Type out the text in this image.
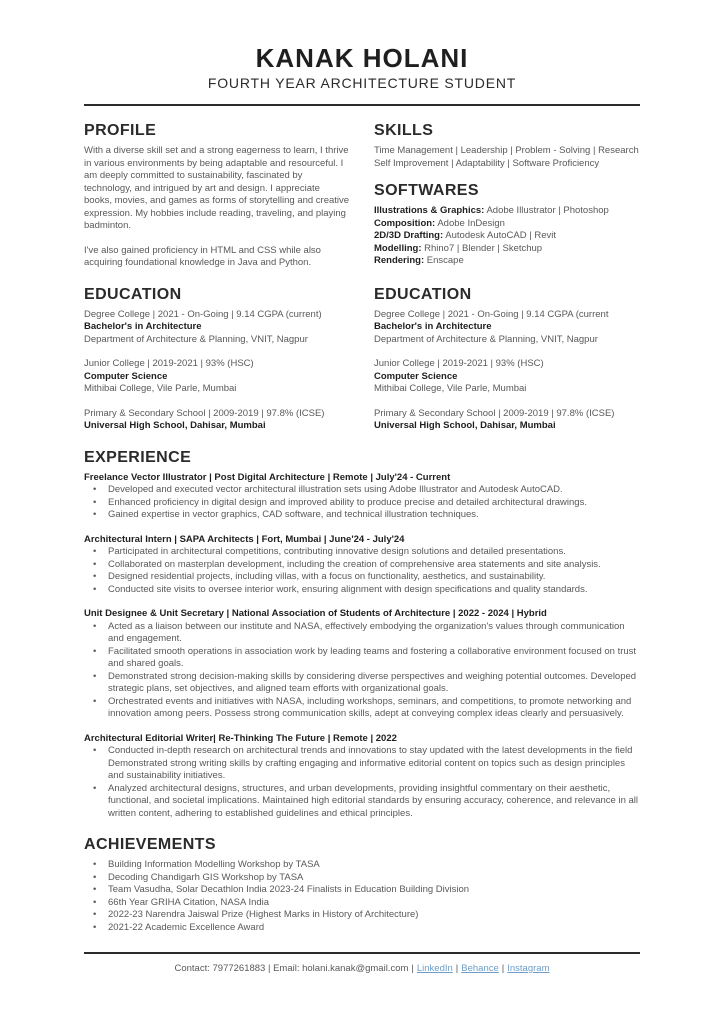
KANAK HOLANI
FOURTH YEAR ARCHITECTURE STUDENT
PROFILE
With a diverse skill set and a strong eagerness to learn, I thrive in various environments by being adaptable and resourceful. I am deeply committed to sustainability, fascinated by technology, and intrigued by art and design. I appreciate books, movies, and games as forms of storytelling and creative expression. My hobbies include reading, traveling, and playing badminton.
I've also gained proficiency in HTML and CSS while also acquiring foundational knowledge in Java and Python.
SKILLS
Time Management | Leadership | Problem - Solving | Research Self Improvement | Adaptability | Software Proficiency
SOFTWARES
Illustrations & Graphics: Adobe Illustrator | Photoshop
Composition: Adobe InDesign
2D/3D Drafting: Autodesk AutoCAD | Revit
Modelling: Rhino7 | Blender | Sketchup
Rendering: Enscape
EDUCATION
Degree College | 2021 - On-Going | 9.14 CGPA (current)
Bachelor's in Architecture
Department of Architecture & Planning, VNIT, Nagpur
Junior College | 2019-2021 | 93% (HSC)
Computer Science
Mithibai College, Vile Parle, Mumbai
Primary & Secondary School | 2009-2019 | 97.8% (ICSE)
Universal High School, Dahisar, Mumbai
EDUCATION
Degree College | 2021 - On-Going | 9.14 CGPA (current
Bachelor's in Architecture
Department of Architecture & Planning, VNIT, Nagpur
Junior College | 2019-2021 | 93% (HSC)
Computer Science
Mithibai College, Vile Parle, Mumbai
Primary & Secondary School | 2009-2019 | 97.8% (ICSE)
Universal High School, Dahisar, Mumbai
EXPERIENCE
Freelance Vector Illustrator | Post Digital Architecture | Remote | July'24 - Current
• Developed and executed vector architectural illustration sets using Adobe Illustrator and Autodesk AutoCAD.
• Enhanced proficiency in digital design and improved ability to produce precise and detailed architectural drawings.
• Gained expertise in vector graphics, CAD software, and technical illustration techniques.
Architectural Intern | SAPA Architects | Fort, Mumbai | June'24 - July'24
• Participated in architectural competitions, contributing innovative design solutions and detailed presentations.
• Collaborated on masterplan development, including the creation of comprehensive area statements and site analysis.
• Designed residential projects, including villas, with a focus on functionality, aesthetics, and sustainability.
• Conducted site visits to oversee interior work, ensuring alignment with design specifications and quality standards.
Unit Designee & Unit Secretary | National Association of Students of Architecture | 2022 - 2024 | Hybrid
• Acted as a liaison between our institute and NASA, effectively embodying the organization's values through communication and engagement.
• Facilitated smooth operations in association work by leading teams and fostering a collaborative environment focused on trust and shared goals.
• Demonstrated strong decision-making skills by considering diverse perspectives and weighing potential outcomes. Developed strategic plans, set objectives, and aligned team efforts with organizational goals.
• Orchestrated events and initiatives with NASA, including workshops, seminars, and competitions, to promote networking and innovation among peers. Possess strong communication skills, adept at conveying complex ideas clearly and persuasively.
Architectural Editorial Writer| Re-Thinking The Future | Remote | 2022
• Conducted in-depth research on architectural trends and innovations to stay updated with the latest developments in the field Demonstrated strong writing skills by crafting engaging and informative editorial content on topics such as design principles and sustainability initiatives.
• Analyzed architectural designs, structures, and urban developments, providing insightful commentary on their aesthetic, functional, and societal implications. Maintained high editorial standards by ensuring accuracy, coherence, and relevance in all written content, adhering to established guidelines and ethical principles.
ACHIEVEMENTS
• Building Information Modelling Workshop by TASA
• Decoding Chandigarh GIS Workshop by TASA
• Team Vasudha, Solar Decathlon India 2023-24 Finalists in Education Building Division
• 66th Year GRIHA Citation, NASA India
• 2022-23 Narendra Jaiswal Prize (Highest Marks in History of Architecture)
• 2021-22 Academic Excellence Award
Contact: 7977261883 | Email: holani.kanak@gmail.com | LinkedIn | Behance | Instagram
